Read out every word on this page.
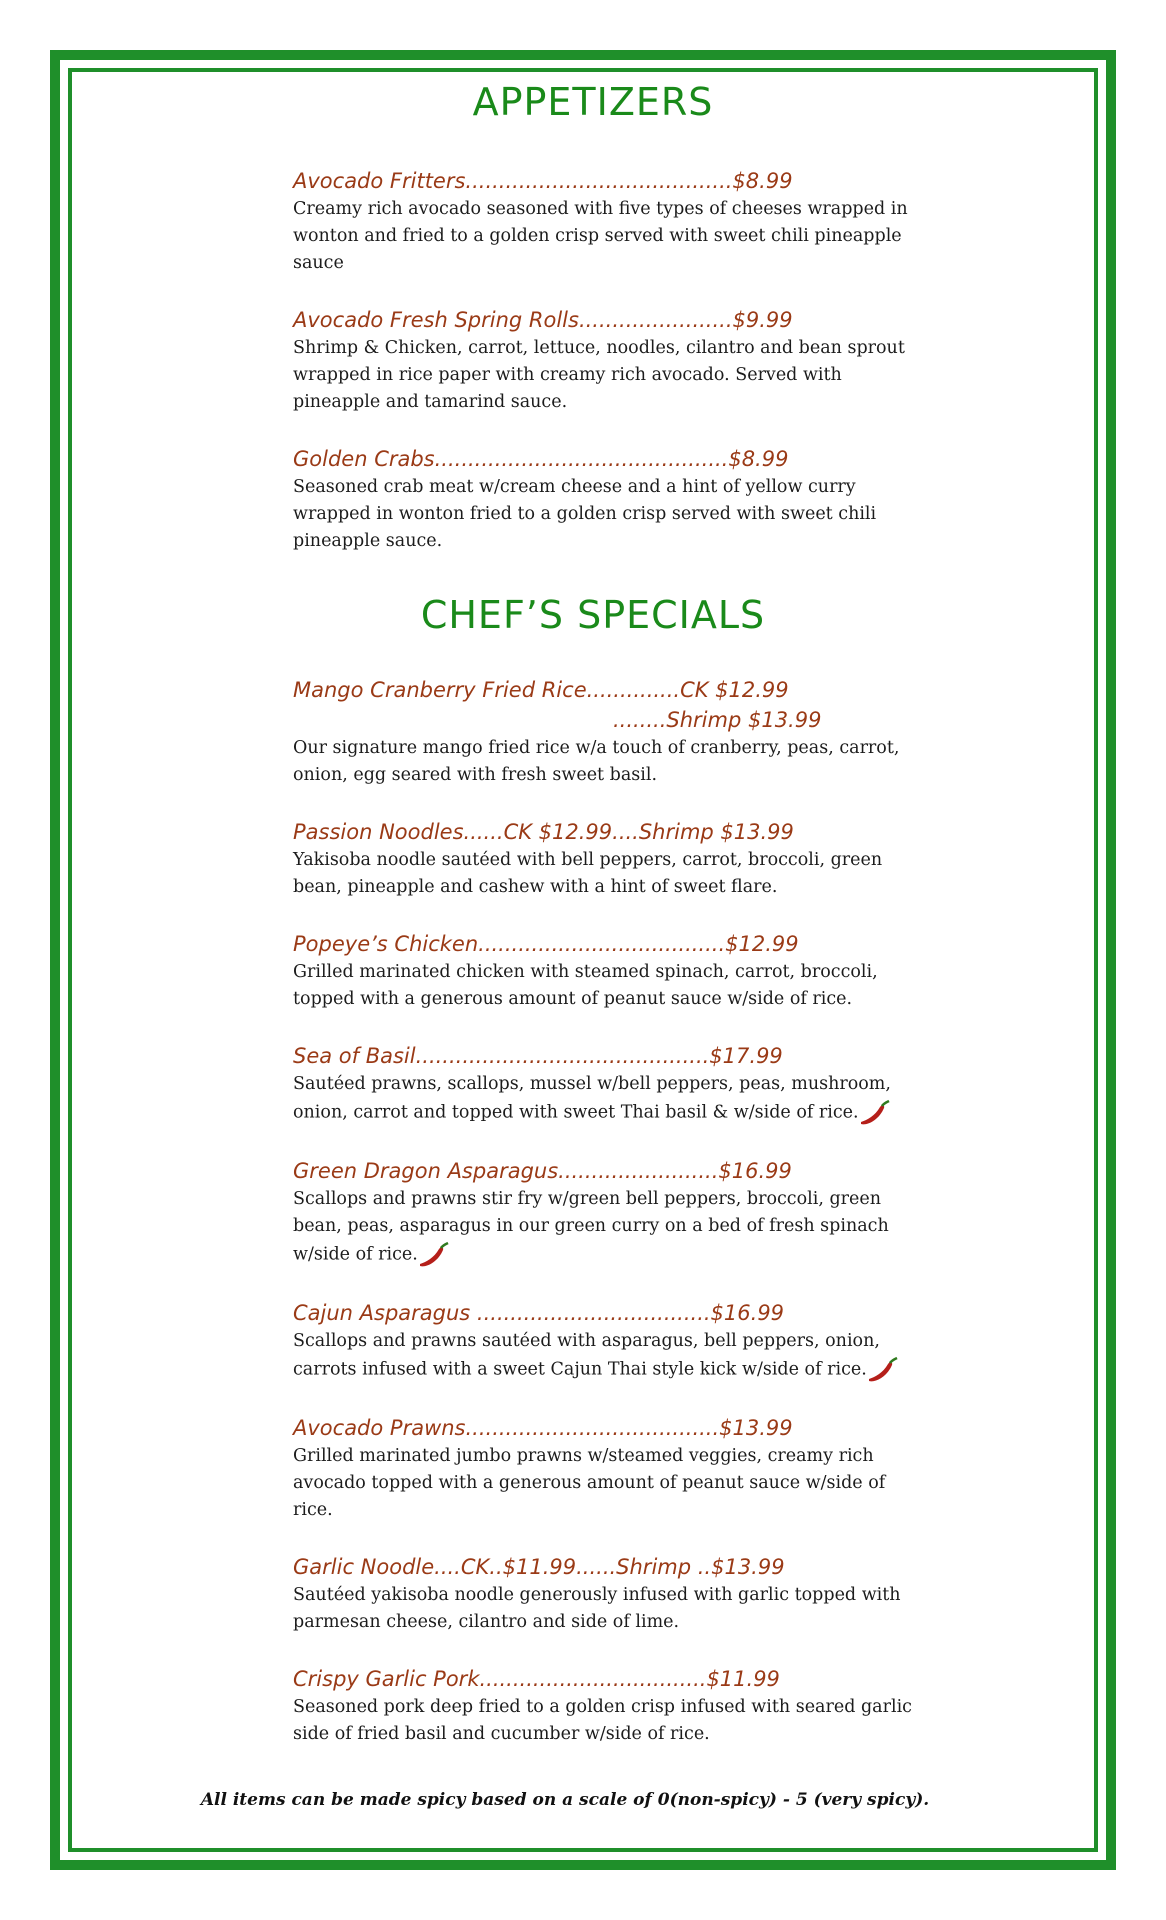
APPETIZERS
Avocado Fritters........................................$8.99
Creamy rich avocado seasoned with five types of cheeses wrapped in wonton and fried to a golden crisp served with sweet chili pineapple sauce
Avocado Fresh Spring Rolls.......................$9.99
Shrimp & Chicken, carrot, lettuce, noodles, cilantro and bean sprout wrapped in rice paper with creamy rich avocado. Served with pineapple and tamarind sauce.
Golden Crabs............................................$8.99
Seasoned crab meat w/cream cheese and a hint of yellow curry wrapped in wonton fried to a golden crisp served with sweet chili pineapple sauce.
CHEF’S SPECIALS
Mango Cranberry Fried Rice..............CK $12.99
........Shrimp $13.99
Our signature mango fried rice w/a touch of cranberry, peas, carrot, onion, egg seared with fresh sweet basil.
Passion Noodles......CK $12.99....Shrimp $13.99
Yakisoba noodle sautéed with bell peppers, carrot, broccoli, green bean, pineapple and cashew with a hint of sweet flare.
Popeye’s Chicken.....................................$12.99
Grilled marinated chicken with steamed spinach, carrot, broccoli, topped with a generous amount of peanut sauce w/side of rice.
Sea of Basil............................................$17.99
Sautéed prawns, scallops, mussel w/bell peppers, peas, mushroom, onion, carrot and topped with sweet Thai basil & w/side of rice.
Green Dragon Asparagus........................$16.99
Scallops and prawns stir fry w/green bell peppers, broccoli, green bean, peas, asparagus in our green curry on a bed of fresh spinach w/side of rice.
Cajun Asparagus ...................................$16.99
Scallops and prawns sautéed with asparagus, bell peppers, onion, carrots infused with a sweet Cajun Thai style kick w/side of rice.
Avocado Prawns......................................$13.99
Grilled marinated jumbo prawns w/steamed veggies, creamy rich avocado topped with a generous amount of peanut sauce w/side of rice.
Garlic Noodle....CK..$11.99......Shrimp ..$13.99
Sautéed yakisoba noodle generously infused with garlic topped with parmesan cheese, cilantro and side of lime.
Crispy Garlic Pork..................................$11.99
Seasoned pork deep fried to a golden crisp infused with seared garlic side of fried basil and cucumber w/side of rice.
All items can be made spicy based on a scale of 0(non-spicy) - 5 (very spicy).
